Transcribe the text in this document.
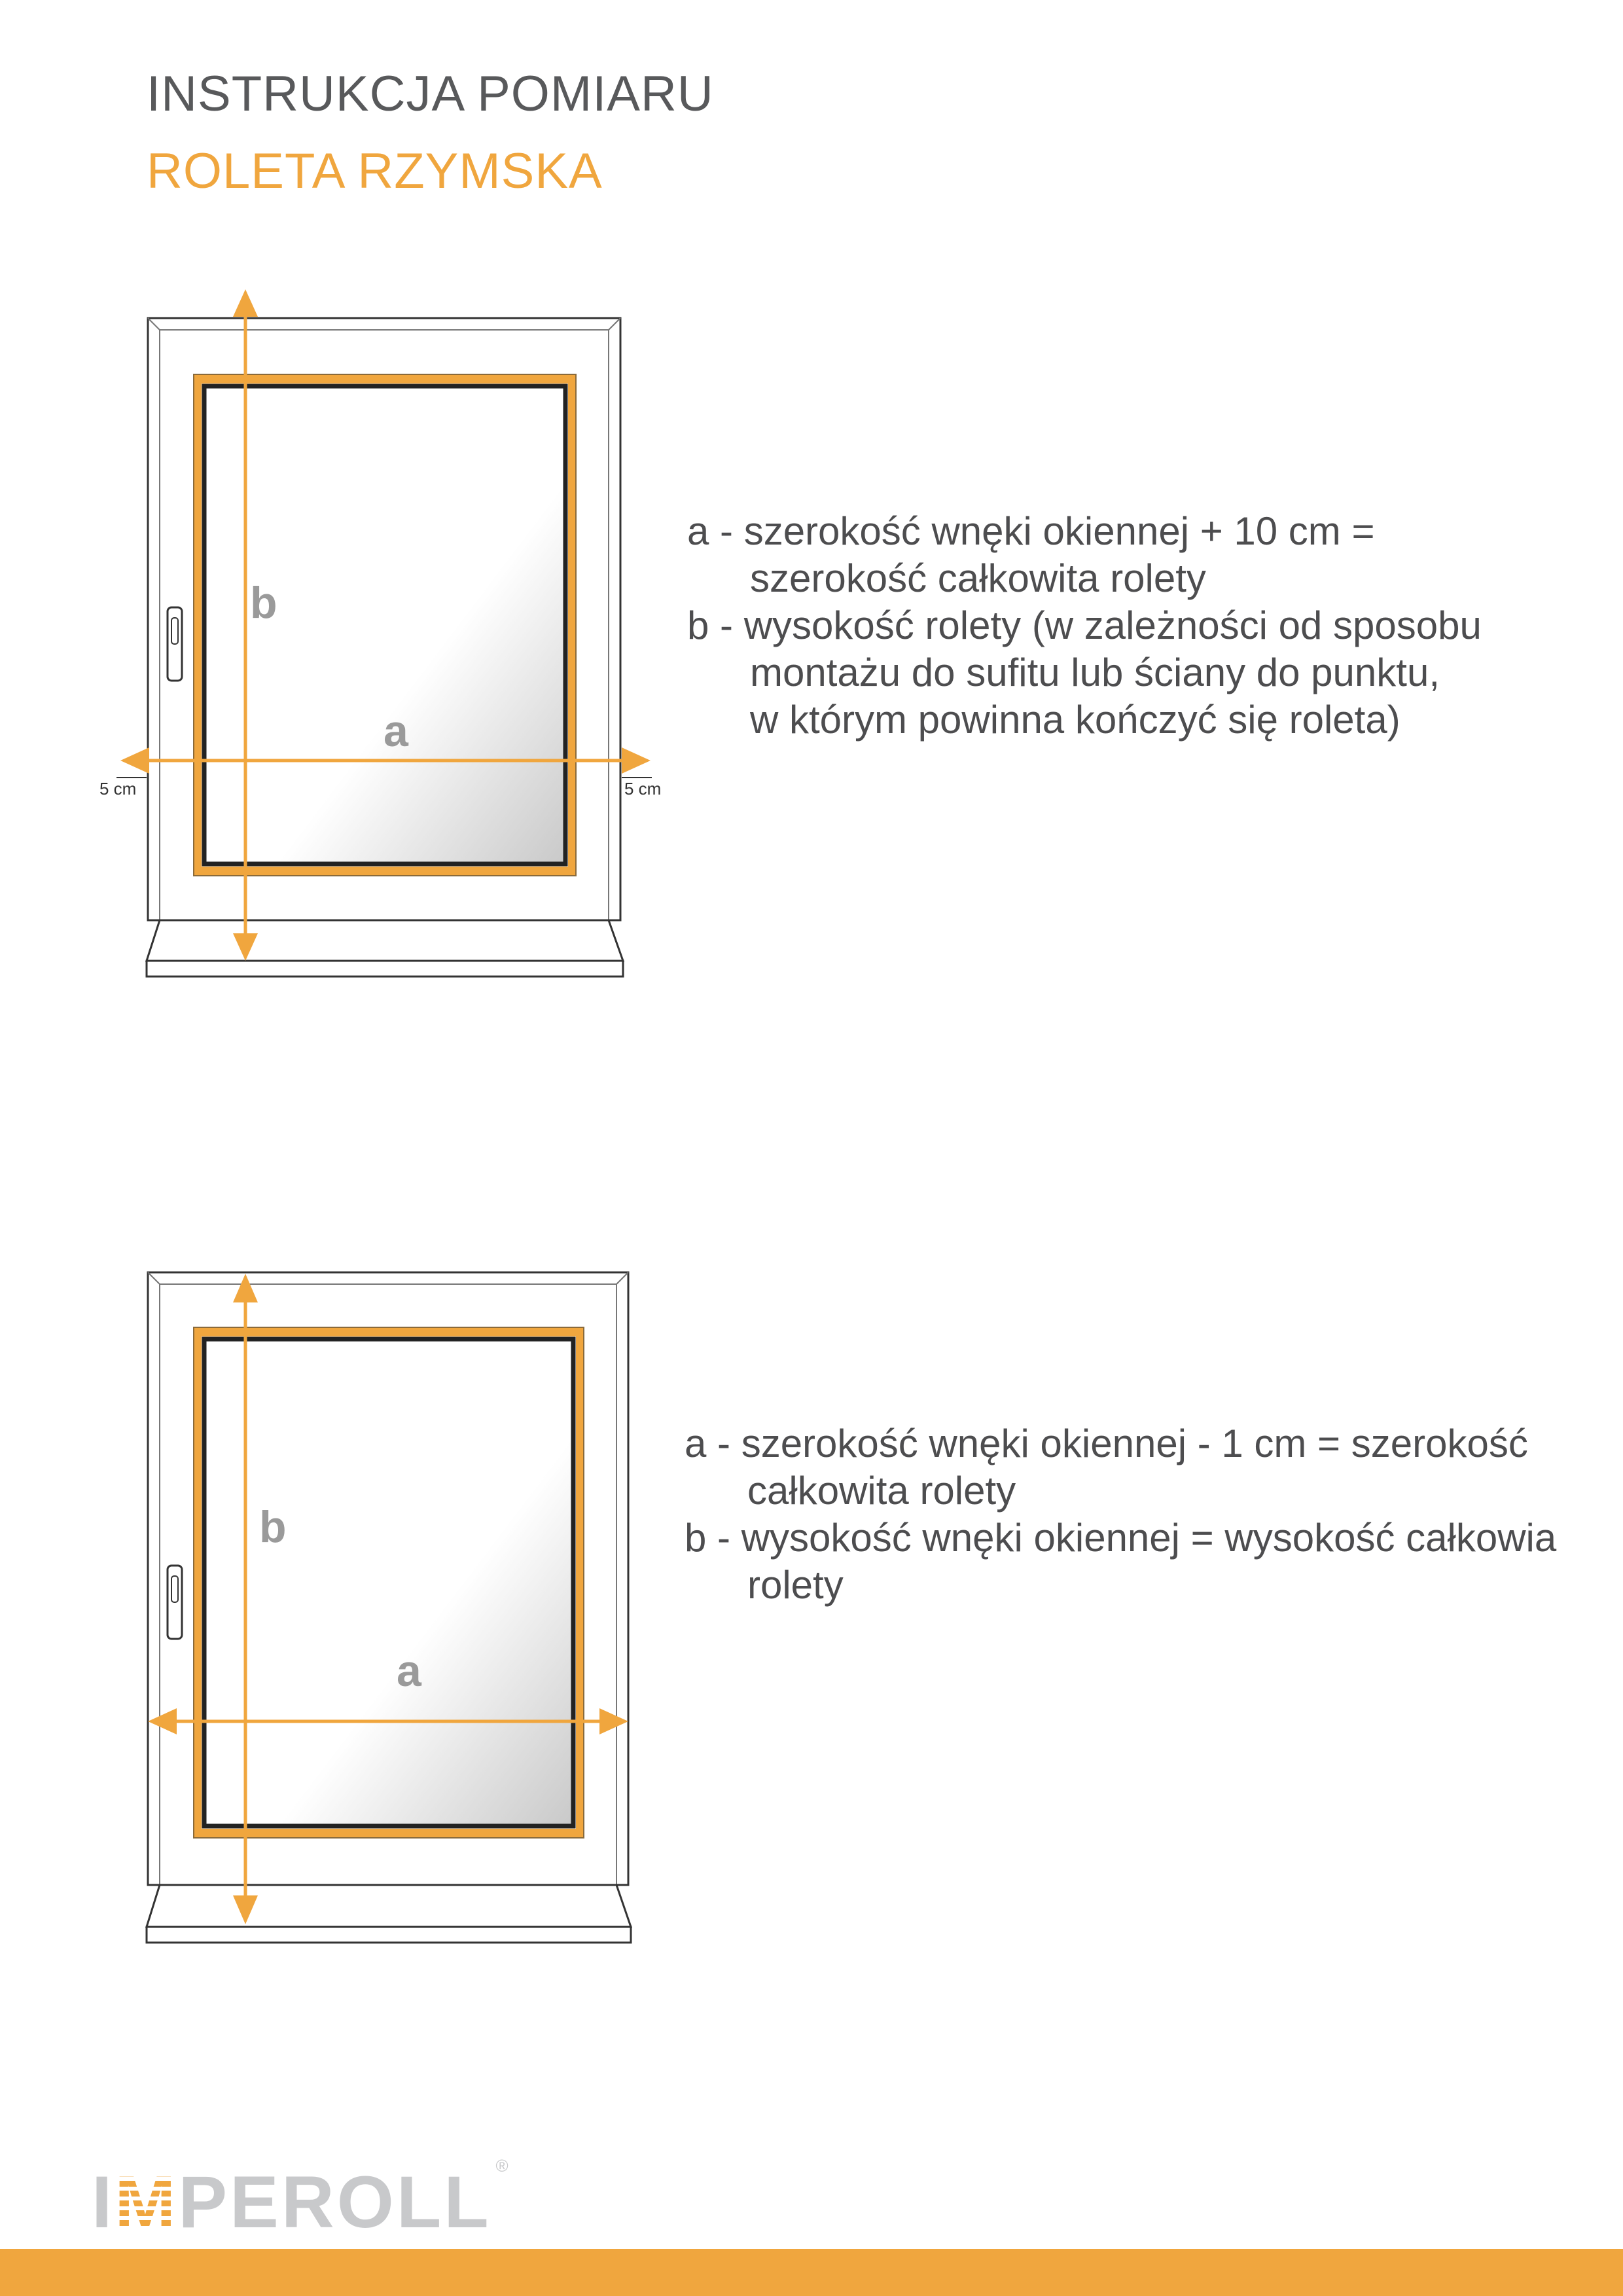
INSTRUKCJA POMIARU
ROLETA RZYMSKA
5 cm	5 cm
b
a
b
a

a - szerokość wnęki okiennej + 10 cm =

szerokość całkowita rolety

b - wysokość rolety (w zależności od sposobu

montażu do sufitu lub ściany do punktu,

w którym powinna kończyć się roleta)

a - szerokość wnęki okiennej - 1 cm = szerokość

całkowita rolety

b - wysokość wnęki okiennej = wysokość całkowia

rolety

IMPEROLL ®
